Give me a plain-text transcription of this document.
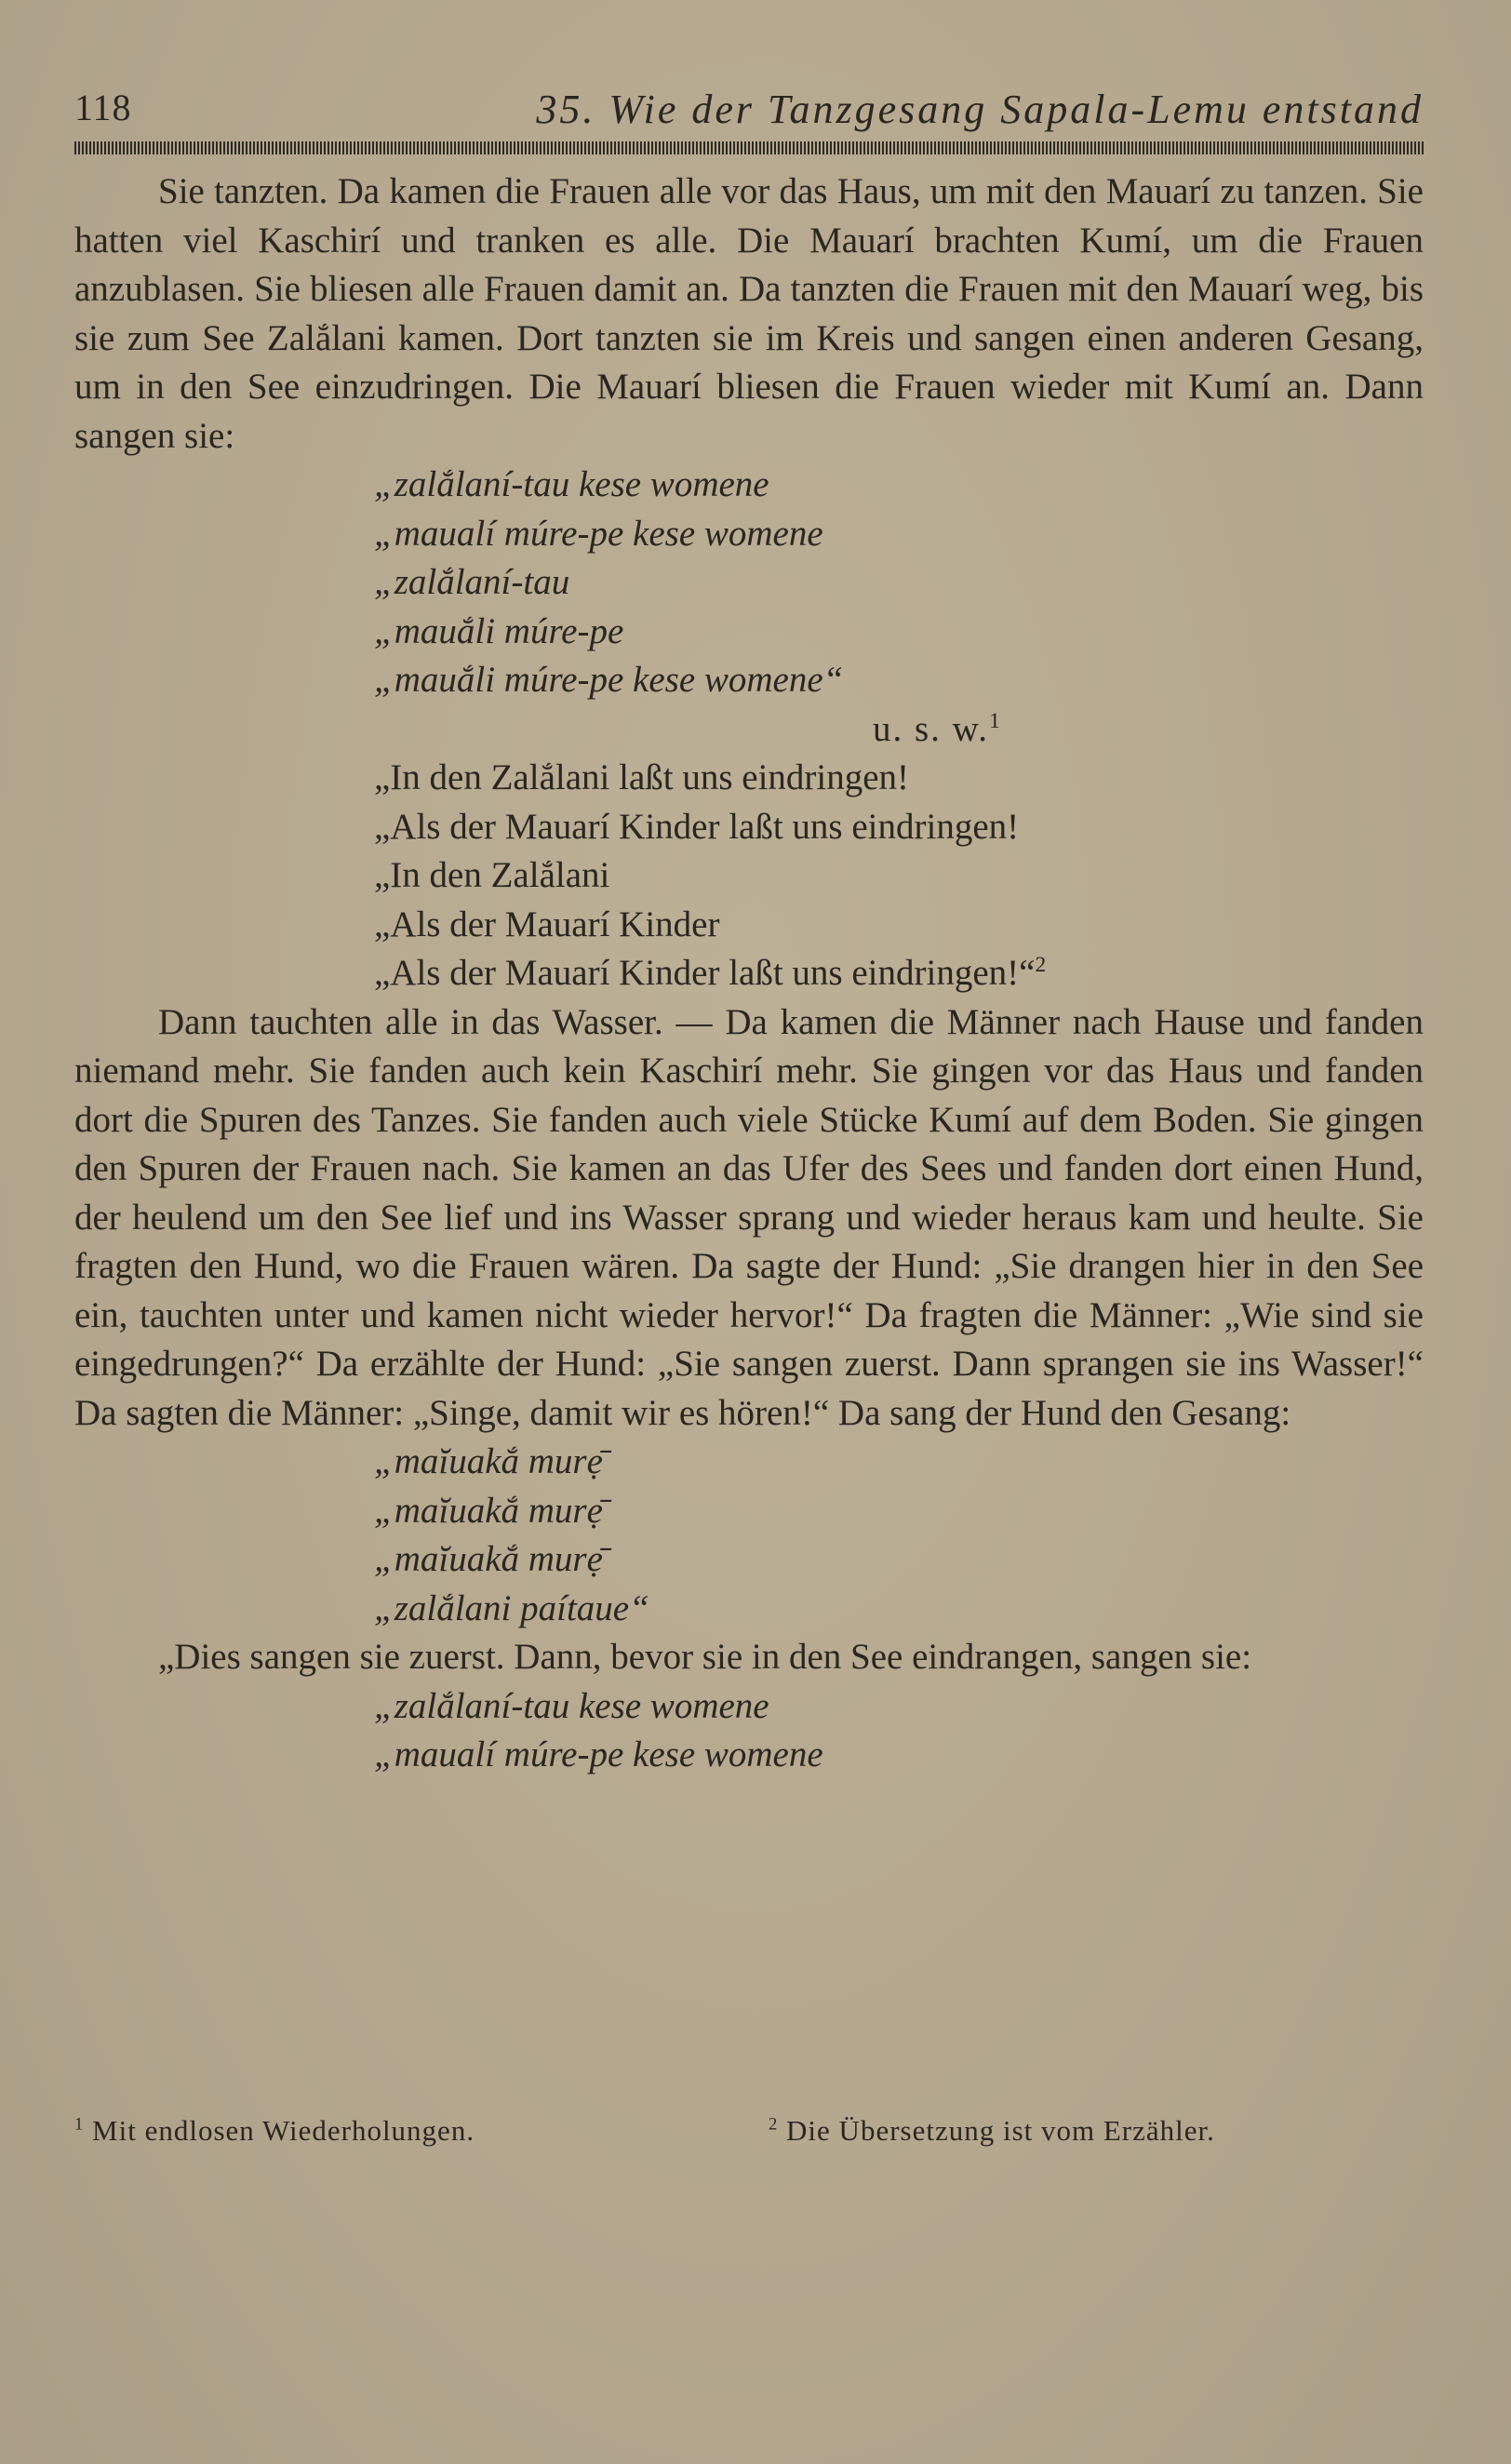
118	35. Wie der Tanzgesang Sapala-Lemu entstand

Sie tanzten. Da kamen die Frauen alle vor das Haus, um mit den Mauarí zu tanzen. Sie hatten viel Kaschirí und tranken es alle. Die Mauarí brachten Kumí, um die Frauen anzublasen. Sie bliesen alle Frauen damit an. Da tanzten die Frauen mit den Mauarí weg, bis sie zum See Zalắlani kamen. Dort tanzten sie im Kreis und sangen einen anderen Gesang, um in den See einzudringen. Die Mauarí bliesen die Frauen wieder mit Kumí an. Dann sangen sie:

„zalắlaní-tau kese womene
„maualí múre-pe kese womene
„zalắlaní-tau
„mauắli múre-pe
„mauắli múre-pe kese womene“
u. s. w.$^1$
„In den Zalắlani laßt uns eindringen!
„Als der Mauarí Kinder laßt uns eindringen!
„In den Zalắlani
„Als der Mauarí Kinder
„Als der Mauarí Kinder laßt uns eindringen!“$^2$

Dann tauchten alle in das Wasser. — Da kamen die Männer nach Hause und fanden niemand mehr. Sie fanden auch kein Kaschirí mehr. Sie gingen vor das Haus und fanden dort die Spuren des Tanzes. Sie fanden auch viele Stücke Kumí auf dem Boden. Sie gingen den Spuren der Frauen nach. Sie kamen an das Ufer des Sees und fanden dort einen Hund, der heulend um den See lief und ins Wasser sprang und wieder heraus kam und heulte. Sie fragten den Hund, wo die Frauen wären. Da sagte der Hund: „Sie drangen hier in den See ein, tauchten unter und kamen nicht wieder hervor!“ Da fragten die Männer: „Wie sind sie eingedrungen?“ Da erzählte der Hund: „Sie sangen zuerst. Dann sprangen sie ins Wasser!“ Da sagten die Männer: „Singe, damit wir es hören!“ Da sang der Hund den Gesang:

„maĭuakắ murẹ̄
„maĭuakắ murẹ̄
„maĭuakắ murẹ̄
„zalắlani paítaue“

„Dies sangen sie zuerst. Dann, bevor sie in den See eindrangen, sangen sie:

„zalắlaní-tau kese womene
„maualí múre-pe kese womene
$^1$ Mit endlosen Wiederholungen.	$^2$ Die Übersetzung ist vom Erzähler.
